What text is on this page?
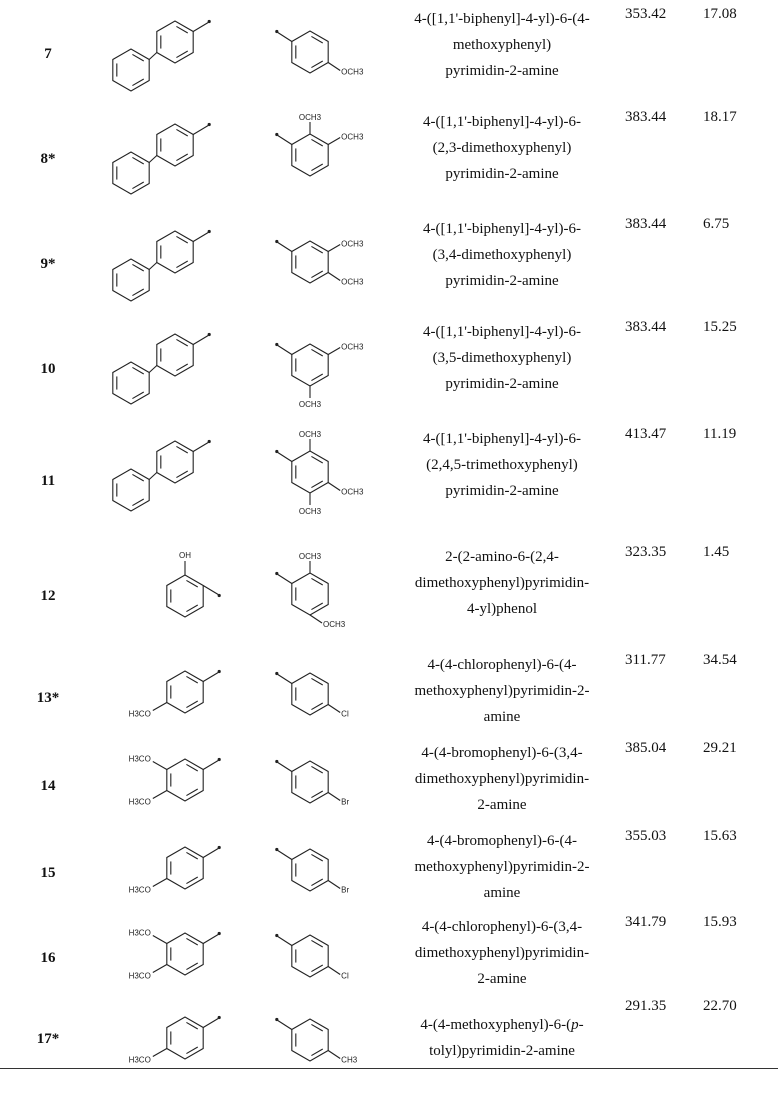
7
OCH3
4-([1,1'-biphenyl]-4-yl)-6-(4-
methoxyphenyl)
pyrimidin-2-amine
353.42 17.08
8*
OCH3
OCH3
4-([1,1'-biphenyl]-4-yl)-6-
(2,3-dimethoxyphenyl)
pyrimidin-2-amine
383.44 18.17
9*
OCH3
OCH3
4-([1,1'-biphenyl]-4-yl)-6-
(3,4-dimethoxyphenyl)
pyrimidin-2-amine
383.44 6.75
10
OCH3
OCH3
4-([1,1'-biphenyl]-4-yl)-6-
(3,5-dimethoxyphenyl)
pyrimidin-2-amine
383.44 15.25
11
OCH3
OCH3
OCH3
4-([1,1'-biphenyl]-4-yl)-6-
(2,4,5-trimethoxyphenyl)
pyrimidin-2-amine
413.47 11.19
12
OH	OCH3
OCH3
2-(2-amino-6-(2,4-
dimethoxyphenyl)pyrimidin-
4-yl)phenol
323.35 1.45
13*
H3CO	Cl
4-(4-chlorophenyl)-6-(4-
methoxyphenyl)pyrimidin-2-
amine
311.77 34.54
14
H3CO
H3CO
Br
4-(4-bromophenyl)-6-(3,4-
dimethoxyphenyl)pyrimidin-
2-amine
385.04 29.21
15
H3CO	Br
4-(4-bromophenyl)-6-(4-
methoxyphenyl)pyrimidin-2-
amine
355.03 15.63
16
H3CO
H3CO
Cl
4-(4-chlorophenyl)-6-(3,4-
dimethoxyphenyl)pyrimidin-
2-amine
341.79 15.93
17*
H3CO	CH3
4-(4-methoxyphenyl)-6-(p-
tolyl)pyrimidin-2-amine
291.35 22.70
